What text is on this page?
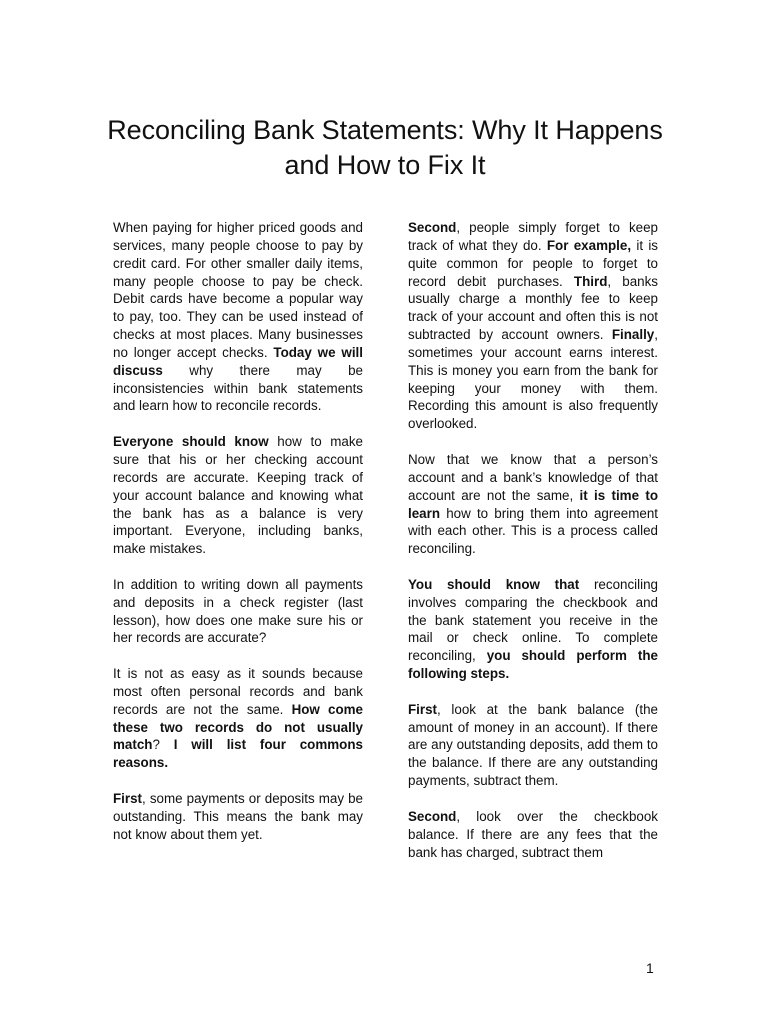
Reconciling Bank Statements: Why It Happens and How to Fix It

When paying for higher priced goods and services, many people choose to pay by credit card. For other smaller daily items, many people choose to pay be check. Debit cards have become a popular way to pay, too. They can be used instead of checks at most places. Many businesses no longer accept checks. Today we will discuss why there may be inconsistencies within bank statements and learn how to reconcile records.

Everyone should know how to make sure that his or her checking account records are accurate. Keeping track of your account balance and knowing what the bank has as a balance is very important. Everyone, including banks, make mistakes.

In addition to writing down all payments and deposits in a check register (last lesson), how does one make sure his or her records are accurate?

It is not as easy as it sounds because most often personal records and bank records are not the same. How come these two records do not usually match? I will list four commons reasons.

First, some payments or deposits may be outstanding. This means the bank may not know about them yet.

Second, people simply forget to keep track of what they do. For example, it is quite common for people to forget to record debit purchases. Third, banks usually charge a monthly fee to keep track of your account and often this is not subtracted by account owners. Finally, sometimes your account earns interest. This is money you earn from the bank for keeping your money with them. Recording this amount is also frequently overlooked.

Now that we know that a person’s account and a bank’s knowledge of that account are not the same, it is time to learn how to bring them into agreement with each other. This is a process called reconciling.

You should know that reconciling involves comparing the checkbook and the bank statement you receive in the mail or check online. To complete reconciling, you should perform the following steps.

First, look at the bank balance (the amount of money in an account). If there are any outstanding deposits, add them to the balance. If there are any outstanding payments, subtract them.

Second, look over the checkbook balance. If there are any fees that the bank has charged, subtract them

1
